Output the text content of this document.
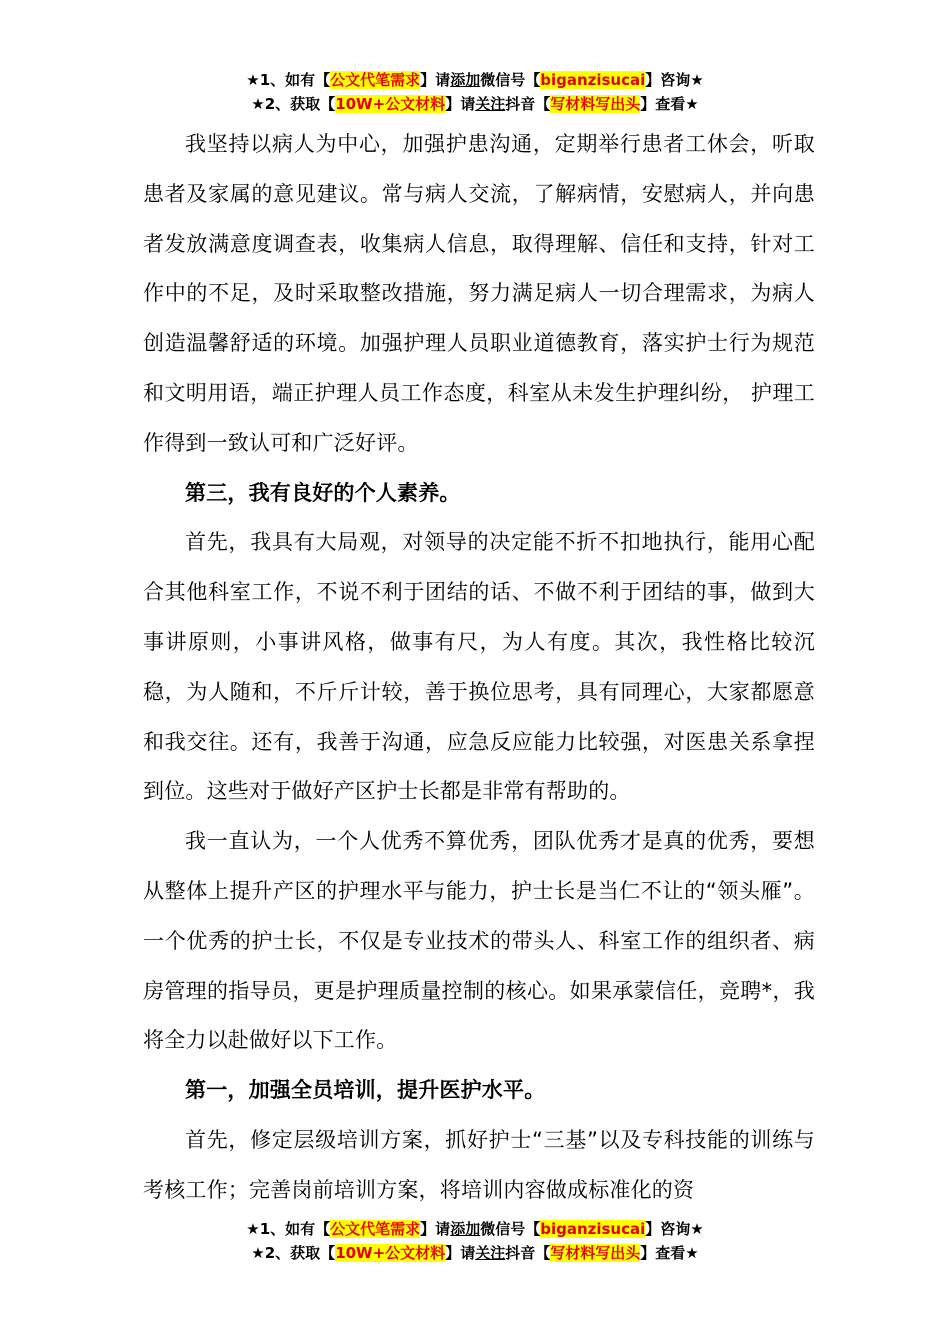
★1、如有【公文代笔需求】请添加微信号【biganzisucai】咨询★
★2、获取【10W+公文材料】请关注抖音【写材料写出头】查看★

我坚持以病人为中心，加强护患沟通，定期举行患者工休会，听取患者及家属的意见建议。常与病人交流，了解病情，安慰病人，并向患者发放满意度调查表，收集病人信息，取得理解、信任和支持，针对工作中的不足，及时采取整改措施，努力满足病人一切合理需求，为病人创造温馨舒适的环境。加强护理人员职业道德教育，落实护士行为规范和文明用语，端正护理人员工作态度，科室从未发生护理纠纷， 护理工作得到一致认可和广泛好评。

第三，我有良好的个人素养。

首先，我具有大局观，对领导的决定能不折不扣地执行，能用心配合其他科室工作，不说不利于团结的话、不做不利于团结的事，做到大事讲原则，小事讲风格，做事有尺，为人有度。其次，我性格比较沉稳，为人随和，不斤斤计较，善于换位思考，具有同理心，大家都愿意和我交往。还有，我善于沟通，应急反应能力比较强，对医患关系拿捏到位。这些对于做好产区护士长都是非常有帮助的。

我一直认为，一个人优秀不算优秀，团队优秀才是真的优秀，要想从整体上提升产区的护理水平与能力，护士长是当仁不让的“领头雁”。一个优秀的护士长，不仅是专业技术的带头人、科室工作的组织者、病房管理的指导员，更是护理质量控制的核心。如果承蒙信任，竞聘*，我将全力以赴做好以下工作。

第一，加强全员培训，提升医护水平。

首先，修定层级培训方案，抓好护士“三基”以及专科技能的训练与考核工作；完善岗前培训方案，将培训内容做成标准化的资

★1、如有【公文代笔需求】请添加微信号【biganzisucai】咨询★
★2、获取【10W+公文材料】请关注抖音【写材料写出头】查看★
